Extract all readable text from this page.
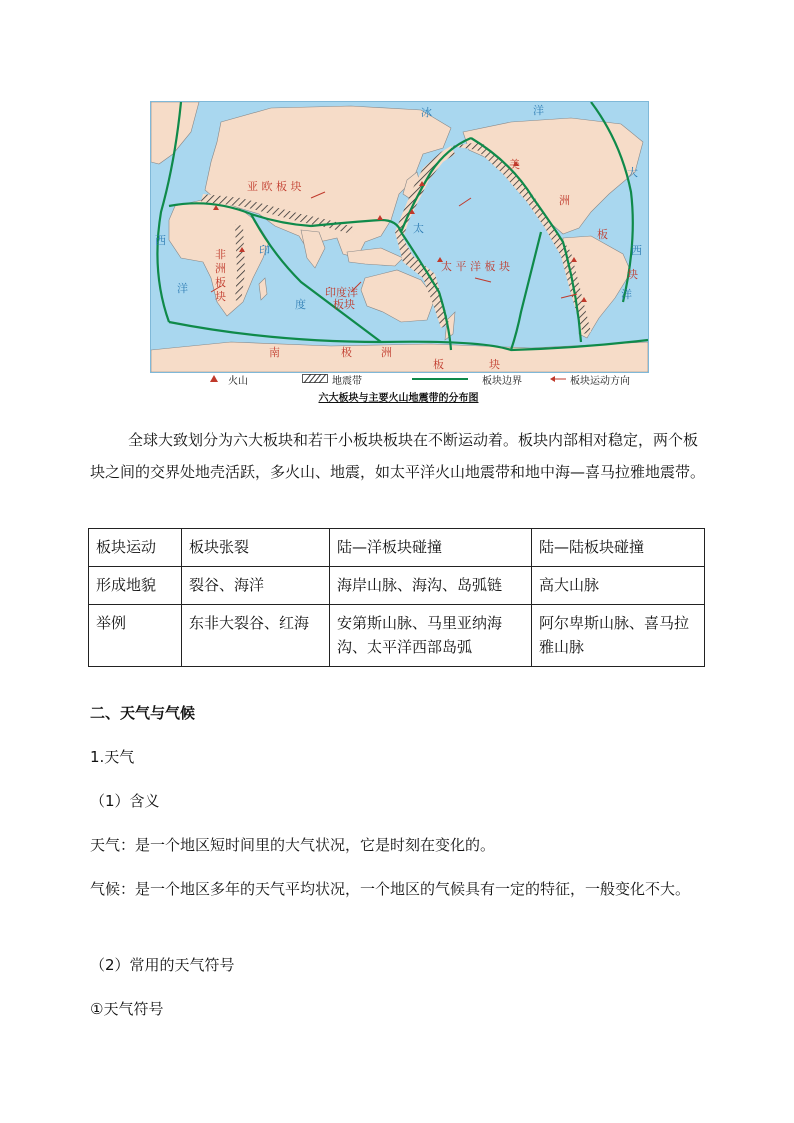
冰	洋
亚 欧 板 块
美
洲
板
块
大
西
洋
西
洋
非
洲
板
块
印
度
太
太 平 洋 板 块
印度洋
板块
南	极	洲
板	块
火山	地震带	板块边界	板块运动方向
六大板块与主要火山地震带的分布图
全球大致划分为六大板块和若干小板块板块在不断运动着。板块内部相对稳定，两个板块之间的交界处地壳活跃，多火山、地震，如太平洋火山地震带和地中海—喜马拉雅地震带。
板块运动	板块张裂	陆—洋板块碰撞	陆—陆板块碰撞
形成地貌	裂谷、海洋	海岸山脉、海沟、岛弧链	高大山脉
举例	东非大裂谷、红海	安第斯山脉、马里亚纳海沟、太平洋西部岛弧	阿尔卑斯山脉、喜马拉雅山脉
二、天气与气候
1.天气
（1）含义
天气：是一个地区短时间里的大气状况，它是时刻在变化的。
气候：是一个地区多年的天气平均状况，一个地区的气候具有一定的特征，一般变化不大。
（2）常用的天气符号
①天气符号
